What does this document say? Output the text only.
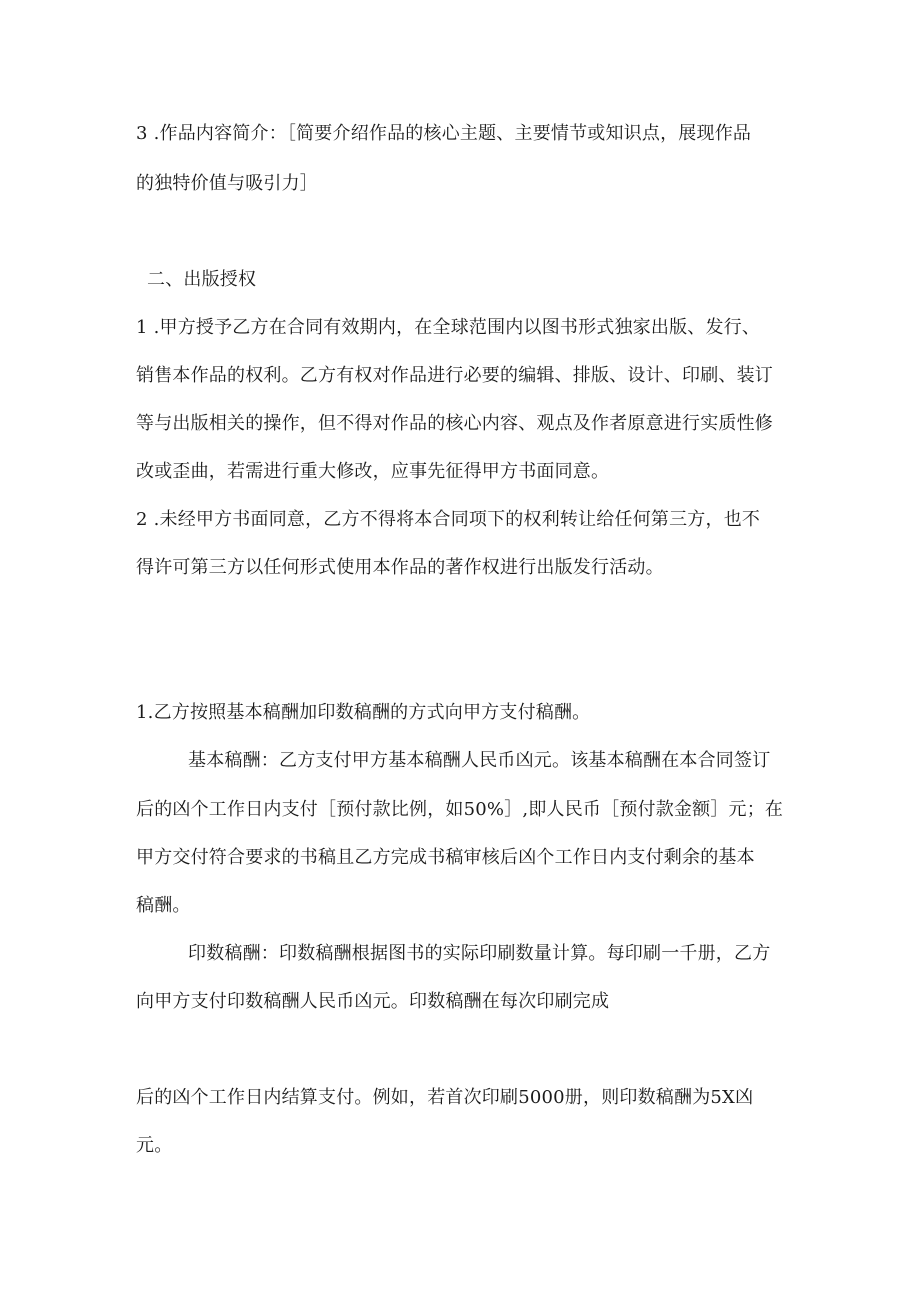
3 .作品内容简介：［简要介绍作品的核心主题、主要情节或知识点，展现作品
的独特价值与吸引力］
二、出版授权
1 .甲方授予乙方在合同有效期内，在全球范围内以图书形式独家出版、发行、
销售本作品的权利。乙方有权对作品进行必要的编辑、排版、设计、印刷、装订
等与出版相关的操作，但不得对作品的核心内容、观点及作者原意进行实质性修
改或歪曲，若需进行重大修改，应事先征得甲方书面同意。
2 .未经甲方书面同意，乙方不得将本合同项下的权利转让给任何第三方，也不
得许可第三方以任何形式使用本作品的著作权进行出版发行活动。
1.乙方按照基本稿酬加印数稿酬的方式向甲方支付稿酬。
基本稿酬：乙方支付甲方基本稿酬人民币凶元。该基本稿酬在本合同签订
后的凶个工作日内支付［预付款比例，如50%］,即人民币［预付款金额］元；在
甲方交付符合要求的书稿且乙方完成书稿审核后凶个工作日内支付剩余的基本
稿酬。
印数稿酬：印数稿酬根据图书的实际印刷数量计算。每印刷一千册，乙方
向甲方支付印数稿酬人民币凶元。印数稿酬在每次印刷完成
后的凶个工作日内结算支付。例如，若首次印刷5000册，则印数稿酬为5X凶
元。
